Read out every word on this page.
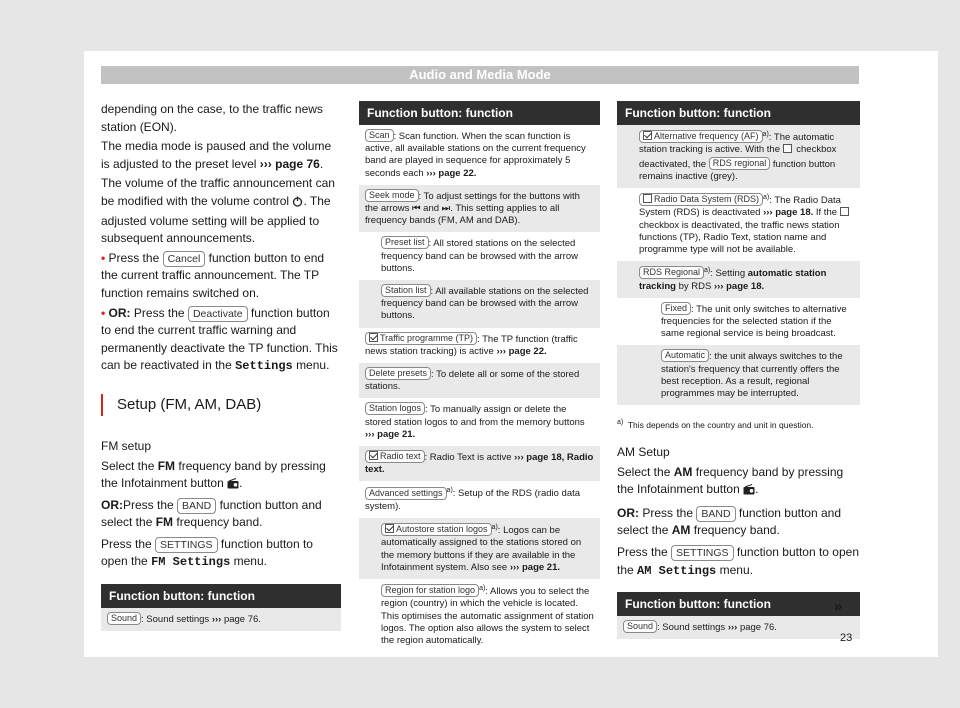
Audio and Media Mode

depending on the case, to the traffic news station (EON).

The media mode is paused and the volume is adjusted to the preset level ››› page 76.

The volume of the traffic announcement can be modified with the volume control . The adjusted volume setting will be applied to subsequent announcements.

• Press the Cancel function button to end the current traffic announcement. The TP function remains switched on.

• OR: Press the Deactivate function button to end the current traffic warning and permanently deactivate the TP function. This can be reactivated in the Settings menu.

Setup (FM, AM, DAB)

FM setup

Select the FM frequency band by pressing the Infotainment button .

OR:Press the BAND function button and select the FM frequency band.

Press the SETTINGS function button to open the FM Settings menu.

Function button: function
Sound : Sound settings ››› page 76.
Function button: function
Scan : Scan function. When the scan function is active, all available stations on the current frequency band are played in sequence for approximately 5 seconds each ››› page 22.
Seek mode : To adjust settings for the buttons with the arrows ⏮ and ⏭. This setting applies to all frequency bands (FM, AM and DAB).
Preset list : All stored stations on the selected frequency band can be browsed with the arrow buttons.
Station list : All available stations on the selected frequency band can be browsed with the arrow buttons.
Traffic programme (TP) : The TP function (traffic news station tracking) is active ››› page 22.
Delete presets : To delete all or some of the stored stations.
Station logos : To manually assign or delete the stored station logos to and from the memory buttons ››› page 21.
Radio text : Radio Text is active ››› page 18, Radio text.
Advanced settings $^{a)}$: Setup of the RDS (radio data system).
Autostore station logos $^{a)}$: Logos can be automatically assigned to the stations stored on the memory buttons if they are available in the Infotainment system. Also see ››› page 21.
Region for station logo $^{a)}$: Allows you to select the region (country) in which the vehicle is located. This optimises the automatic assignment of station logos. The option also allows the system to select the region automatically.
Function button: function
Alternative frequency (AF) $^{a)}$: The automatic station tracking is active. With the checkbox deactivated, the RDS regional function button remains inactive (grey).
Radio Data System (RDS) $^{a)}$: The Radio Data System (RDS) is deactivated ››› page 18. If the  checkbox is deactivated, the traffic news station functions (TP), Radio Text, station name and programme type will not be available.
RDS Regional $^{a)}$: Setting automatic station tracking by RDS ››› page 18.
Fixed : The unit only switches to alternative frequencies for the selected station if the same regional service is being broadcast.
Automatic : the unit always switches to the station's frequency that currently offers the best reception. As a result, regional programmes may be interrupted.
$^{a)}$ This depends on the country and unit in question.

AM Setup

Select the AM frequency band by pressing the Infotainment button .

OR: Press the BAND function button and select the AM frequency band.

Press the SETTINGS function button to open the AM Settings menu.

Function button: function
Sound : Sound settings ››› page 76.
»
23
